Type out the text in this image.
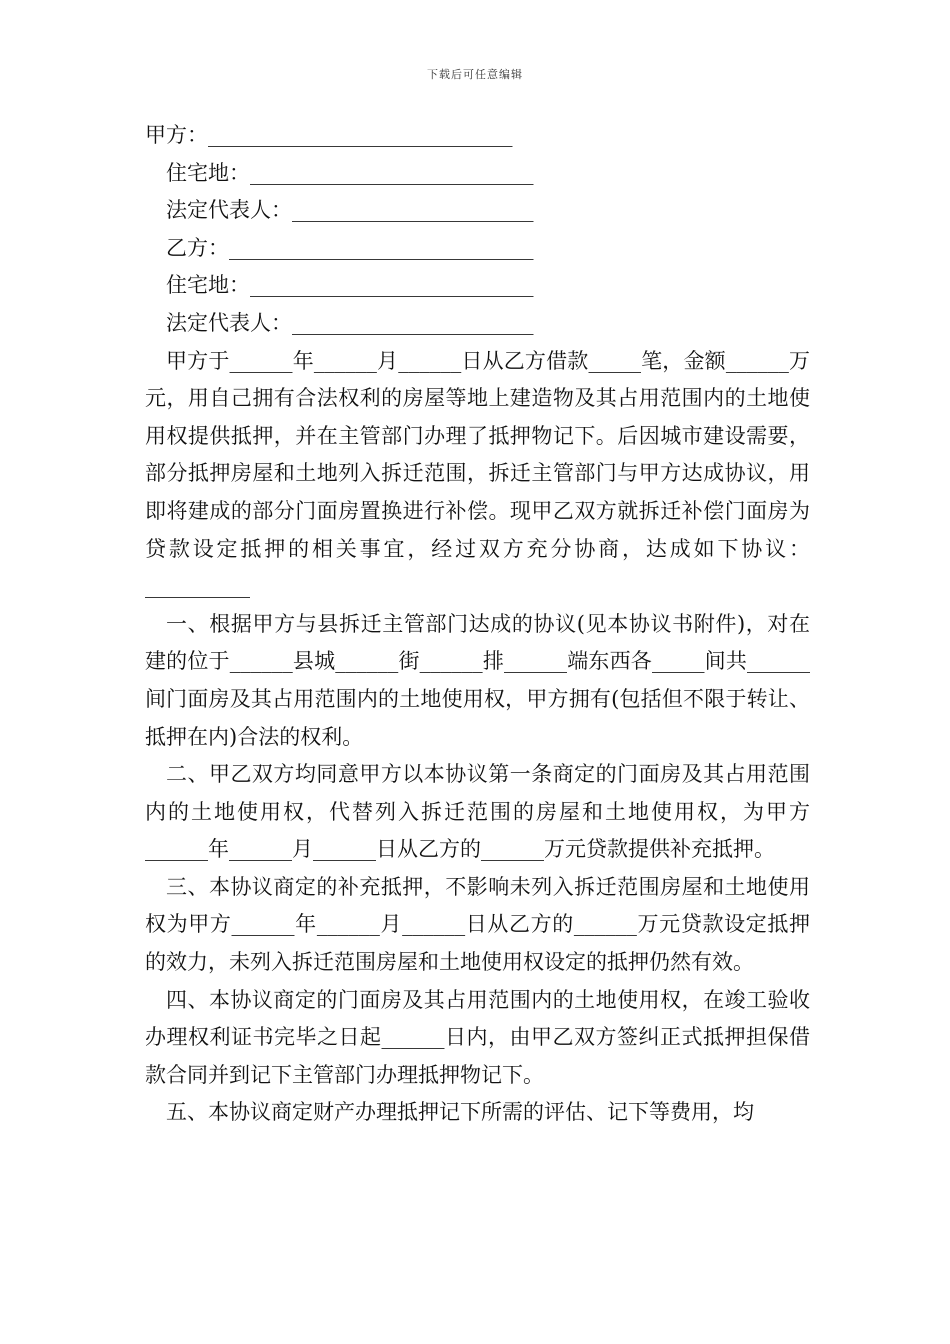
下载后可任意编辑
甲方：_____________________________
住宅地：___________________________
法定代表人：_______________________
乙方：_____________________________
住宅地：___________________________
法定代表人：_______________________

甲方于______年______月______日从乙方借款_____笔，金额______万元，用自己拥有合法权利的房屋等地上建造物及其占用范围内的土地使用权提供抵押，并在主管部门办理了抵押物记下。后因城市建设需要，部分抵押房屋和土地列入拆迁范围，拆迁主管部门与甲方达成协议，用即将建成的部分门面房置换进行补偿。现甲乙双方就拆迁补偿门面房为贷款设定抵押的相关事宜，经过双方充分协商，达成如下协议：__________

一、根据甲方与县拆迁主管部门达成的协议(见本协议书附件)，对在建的位于______县城______街______排______端东西各_____间共______间门面房及其占用范围内的土地使用权，甲方拥有(包括但不限于转让、抵押在内)合法的权利。

二、甲乙双方均同意甲方以本协议第一条商定的门面房及其占用范围内的土地使用权，代替列入拆迁范围的房屋和土地使用权，为甲方______年______月______日从乙方的______万元贷款提供补充抵押。

三、本协议商定的补充抵押，不影响未列入拆迁范围房屋和土地使用权为甲方______年______月______日从乙方的______万元贷款设定抵押的效力，未列入拆迁范围房屋和土地使用权设定的抵押仍然有效。

四、本协议商定的门面房及其占用范围内的土地使用权，在竣工验收办理权利证书完毕之日起______日内，由甲乙双方签纠正式抵押担保借款合同并到记下主管部门办理抵押物记下。

五、本协议商定财产办理抵押记下所需的评估、记下等费用，均
